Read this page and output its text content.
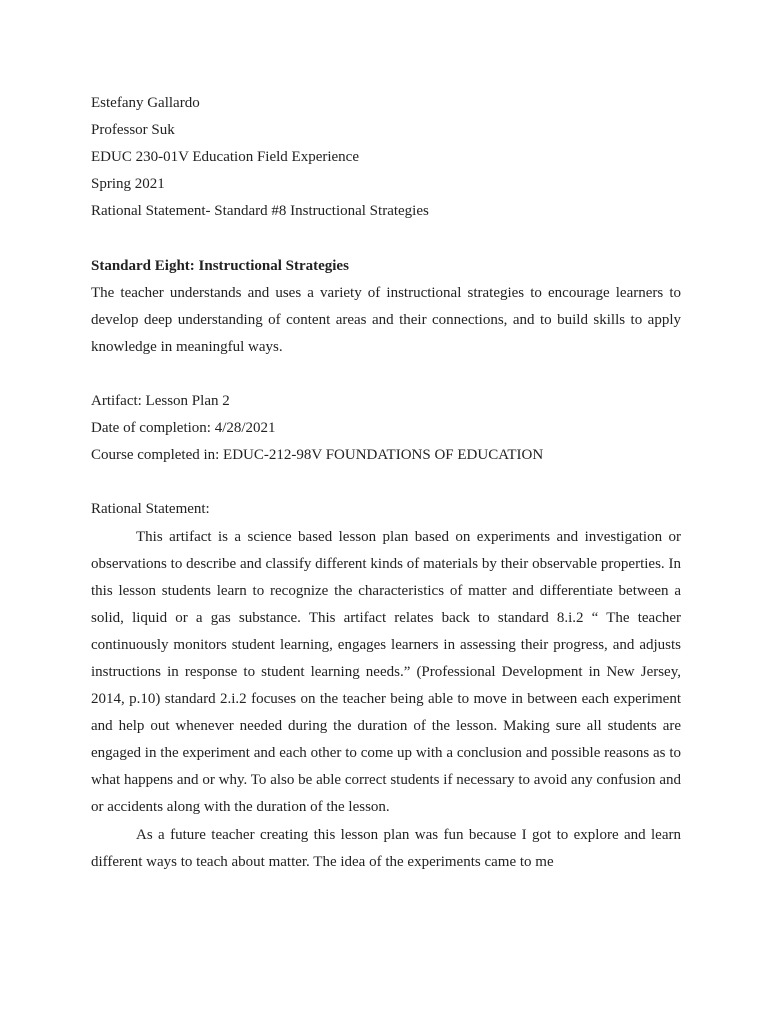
Estefany Gallardo

Professor Suk

EDUC 230-01V Education Field Experience

Spring 2021

Rational Statement- Standard #8 Instructional Strategies

Standard Eight: Instructional Strategies

The teacher understands and uses a variety of instructional strategies to encourage learners to develop deep understanding of content areas and their connections, and to build skills to apply knowledge in meaningful ways.

Artifact: Lesson Plan 2

Date of completion: 4/28/2021

Course completed in: EDUC-212-98V FOUNDATIONS OF EDUCATION

Rational Statement:

This artifact is a science based lesson plan based on experiments and investigation or observations to describe and classify different kinds of materials by their observable properties. In this lesson students learn to recognize the characteristics of matter and differentiate between a solid, liquid or a gas substance. This artifact relates back to standard 8.i.2 “ The teacher continuously monitors student learning, engages learners in assessing their progress, and adjusts instructions in response to student learning needs.” (Professional Development in New Jersey, 2014, p.10) standard 2.i.2 focuses on the teacher being able to move in between each experiment and help out whenever needed during the duration of the lesson. Making sure all students are engaged in the experiment and each other to come up with a conclusion and possible reasons as to what happens and or why. To also be able correct students if necessary to avoid any confusion and or accidents along with the duration of the lesson.

As a future teacher creating this lesson plan was fun because I got to explore and learn different ways to teach about matter. The idea of the experiments came to me
